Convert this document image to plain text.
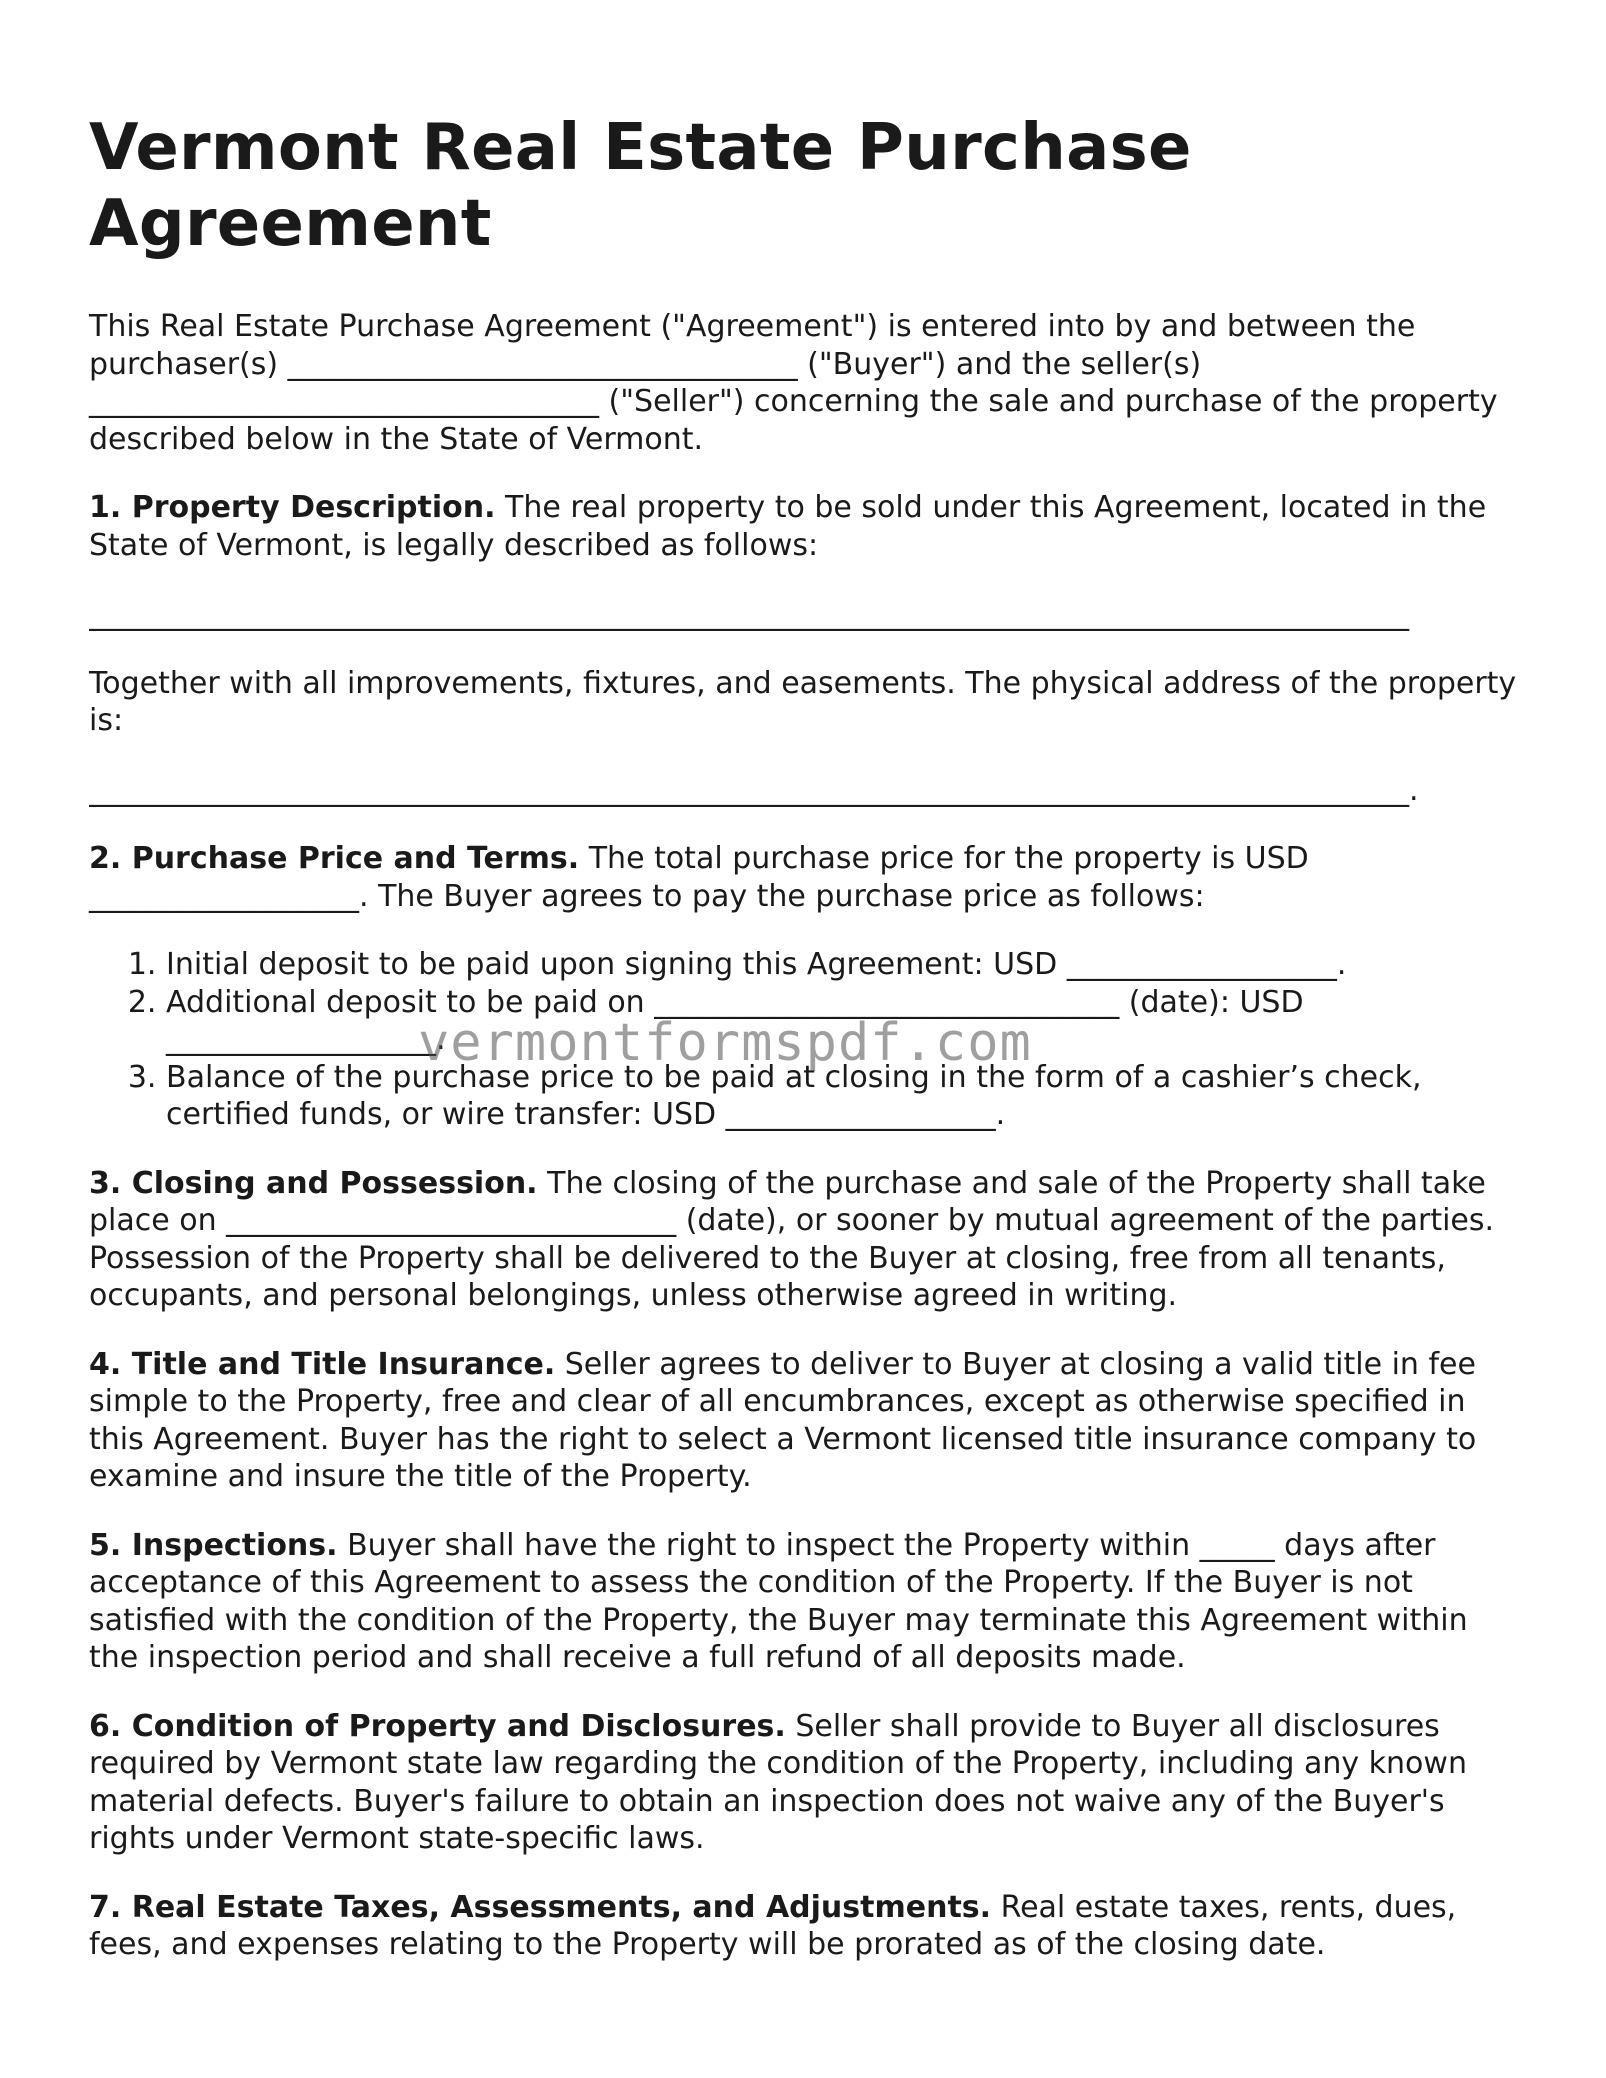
Vermont Real Estate Purchase Agreement

This Real Estate Purchase Agreement ("Agreement") is entered into by and between the purchaser(s) __________________________________ ("Buyer") and the seller(s) __________________________________ ("Seller") concerning the sale and purchase of the property described below in the State of Vermont.

1. Property Description. The real property to be sold under this Agreement, located in the State of Vermont, is legally described as follows:

________________________________________________________________________________________

Together with all improvements, fixtures, and easements. The physical address of the property is:

________________________________________________________________________________________.

2. Purchase Price and Terms. The total purchase price for the property is USD __________________. The Buyer agrees to pay the purchase price as follows:

1. Initial deposit to be paid upon signing this Agreement: USD __________________.
2. Additional deposit to be paid on _______________________________ (date): USD __________________.
3. Balance of the purchase price to be paid at closing in the form of a cashier’s check, certified funds, or wire transfer: USD __________________.

3. Closing and Possession. The closing of the purchase and sale of the Property shall take place on ______________________________ (date), or sooner by mutual agreement of the parties. Possession of the Property shall be delivered to the Buyer at closing, free from all tenants, occupants, and personal belongings, unless otherwise agreed in writing.

4. Title and Title Insurance. Seller agrees to deliver to Buyer at closing a valid title in fee simple to the Property, free and clear of all encumbrances, except as otherwise specified in this Agreement. Buyer has the right to select a Vermont licensed title insurance company to examine and insure the title of the Property.

5. Inspections. Buyer shall have the right to inspect the Property within _____ days after acceptance of this Agreement to assess the condition of the Property. If the Buyer is not satisfied with the condition of the Property, the Buyer may terminate this Agreement within the inspection period and shall receive a full refund of all deposits made.

6. Condition of Property and Disclosures. Seller shall provide to Buyer all disclosures required by Vermont state law regarding the condition of the Property, including any known material defects. Buyer's failure to obtain an inspection does not waive any of the Buyer's rights under Vermont state-specific laws.

7. Real Estate Taxes, Assessments, and Adjustments. Real estate taxes, rents, dues, fees, and expenses relating to the Property will be prorated as of the closing date.

vermontformspdf.com
